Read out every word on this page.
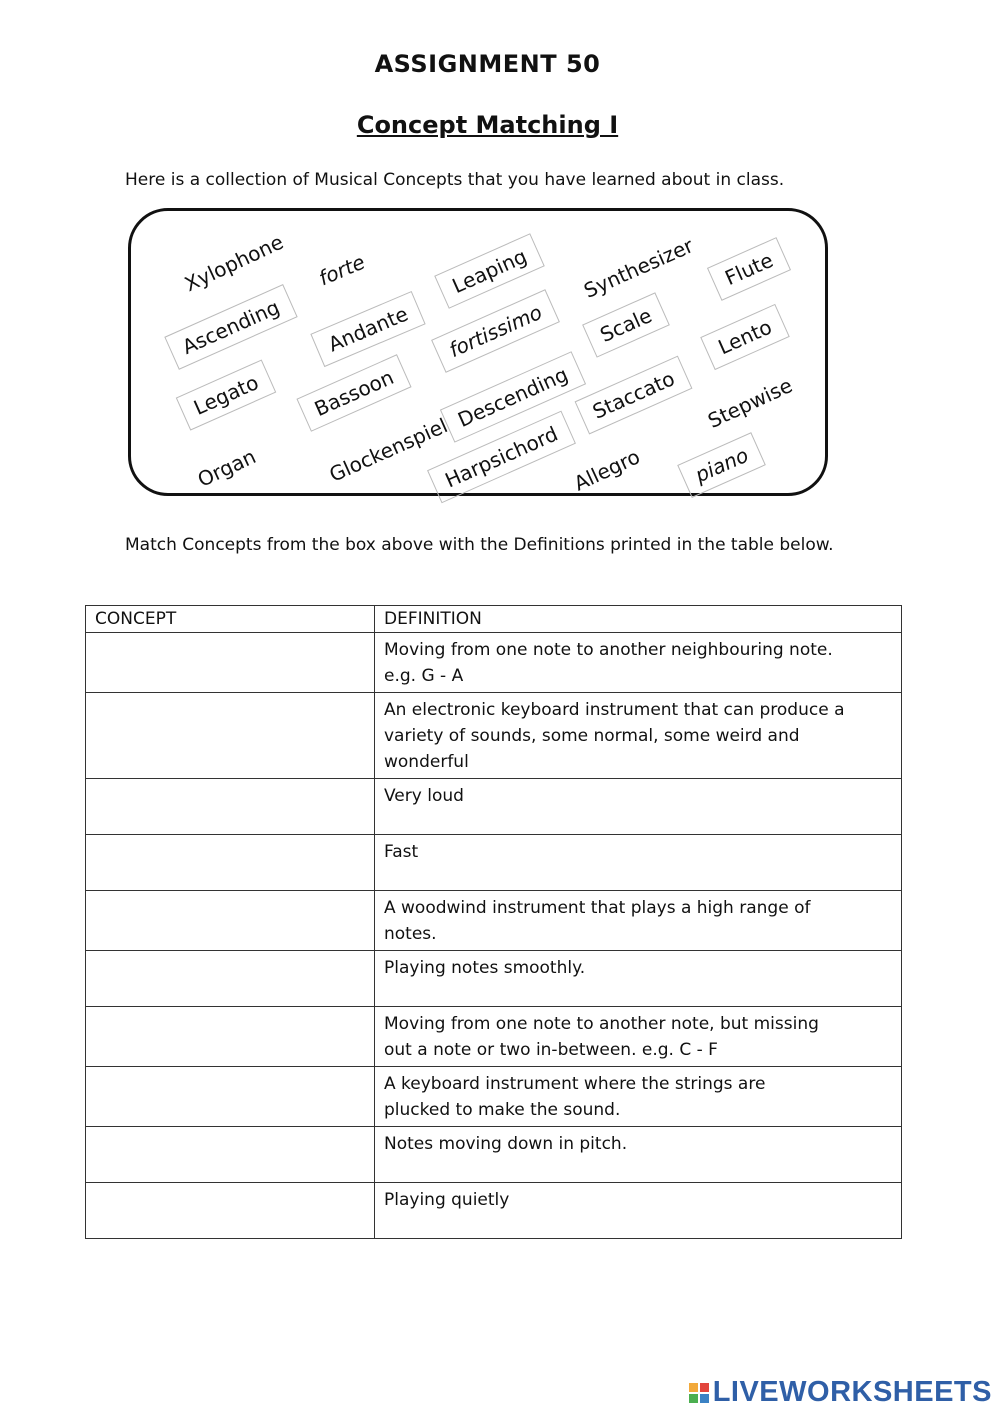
ASSIGNMENT 50
Concept Matching I
Here is a collection of Musical Concepts that you have learned about in class.
Xylophone	forte	Leaping	Synthesizer	Flute
Ascending	Andante	fortissimo	Scale	Lento
Legato	Bassoon	Descending Staccato	Stepwise
Organ	Glockenspiel
Harpsichord Allegro	piano
Match Concepts from the box above with the Definitions printed in the table below.
CONCEPT	DEFINITION
	Moving from one note to another neighbouring note.
e.g. G - A
	An electronic keyboard instrument that can produce a
variety of sounds, some normal, some weird and
wonderful
	Very loud
	Fast
	A woodwind instrument that plays a high range of
notes.
	Playing notes smoothly.
	Moving from one note to another note, but missing
out a note or two in-between. e.g. C - F
	A keyboard instrument where the strings are
plucked to make the sound.
	Notes moving down in pitch.
	Playing quietly
LIVEWORKSHEETS
